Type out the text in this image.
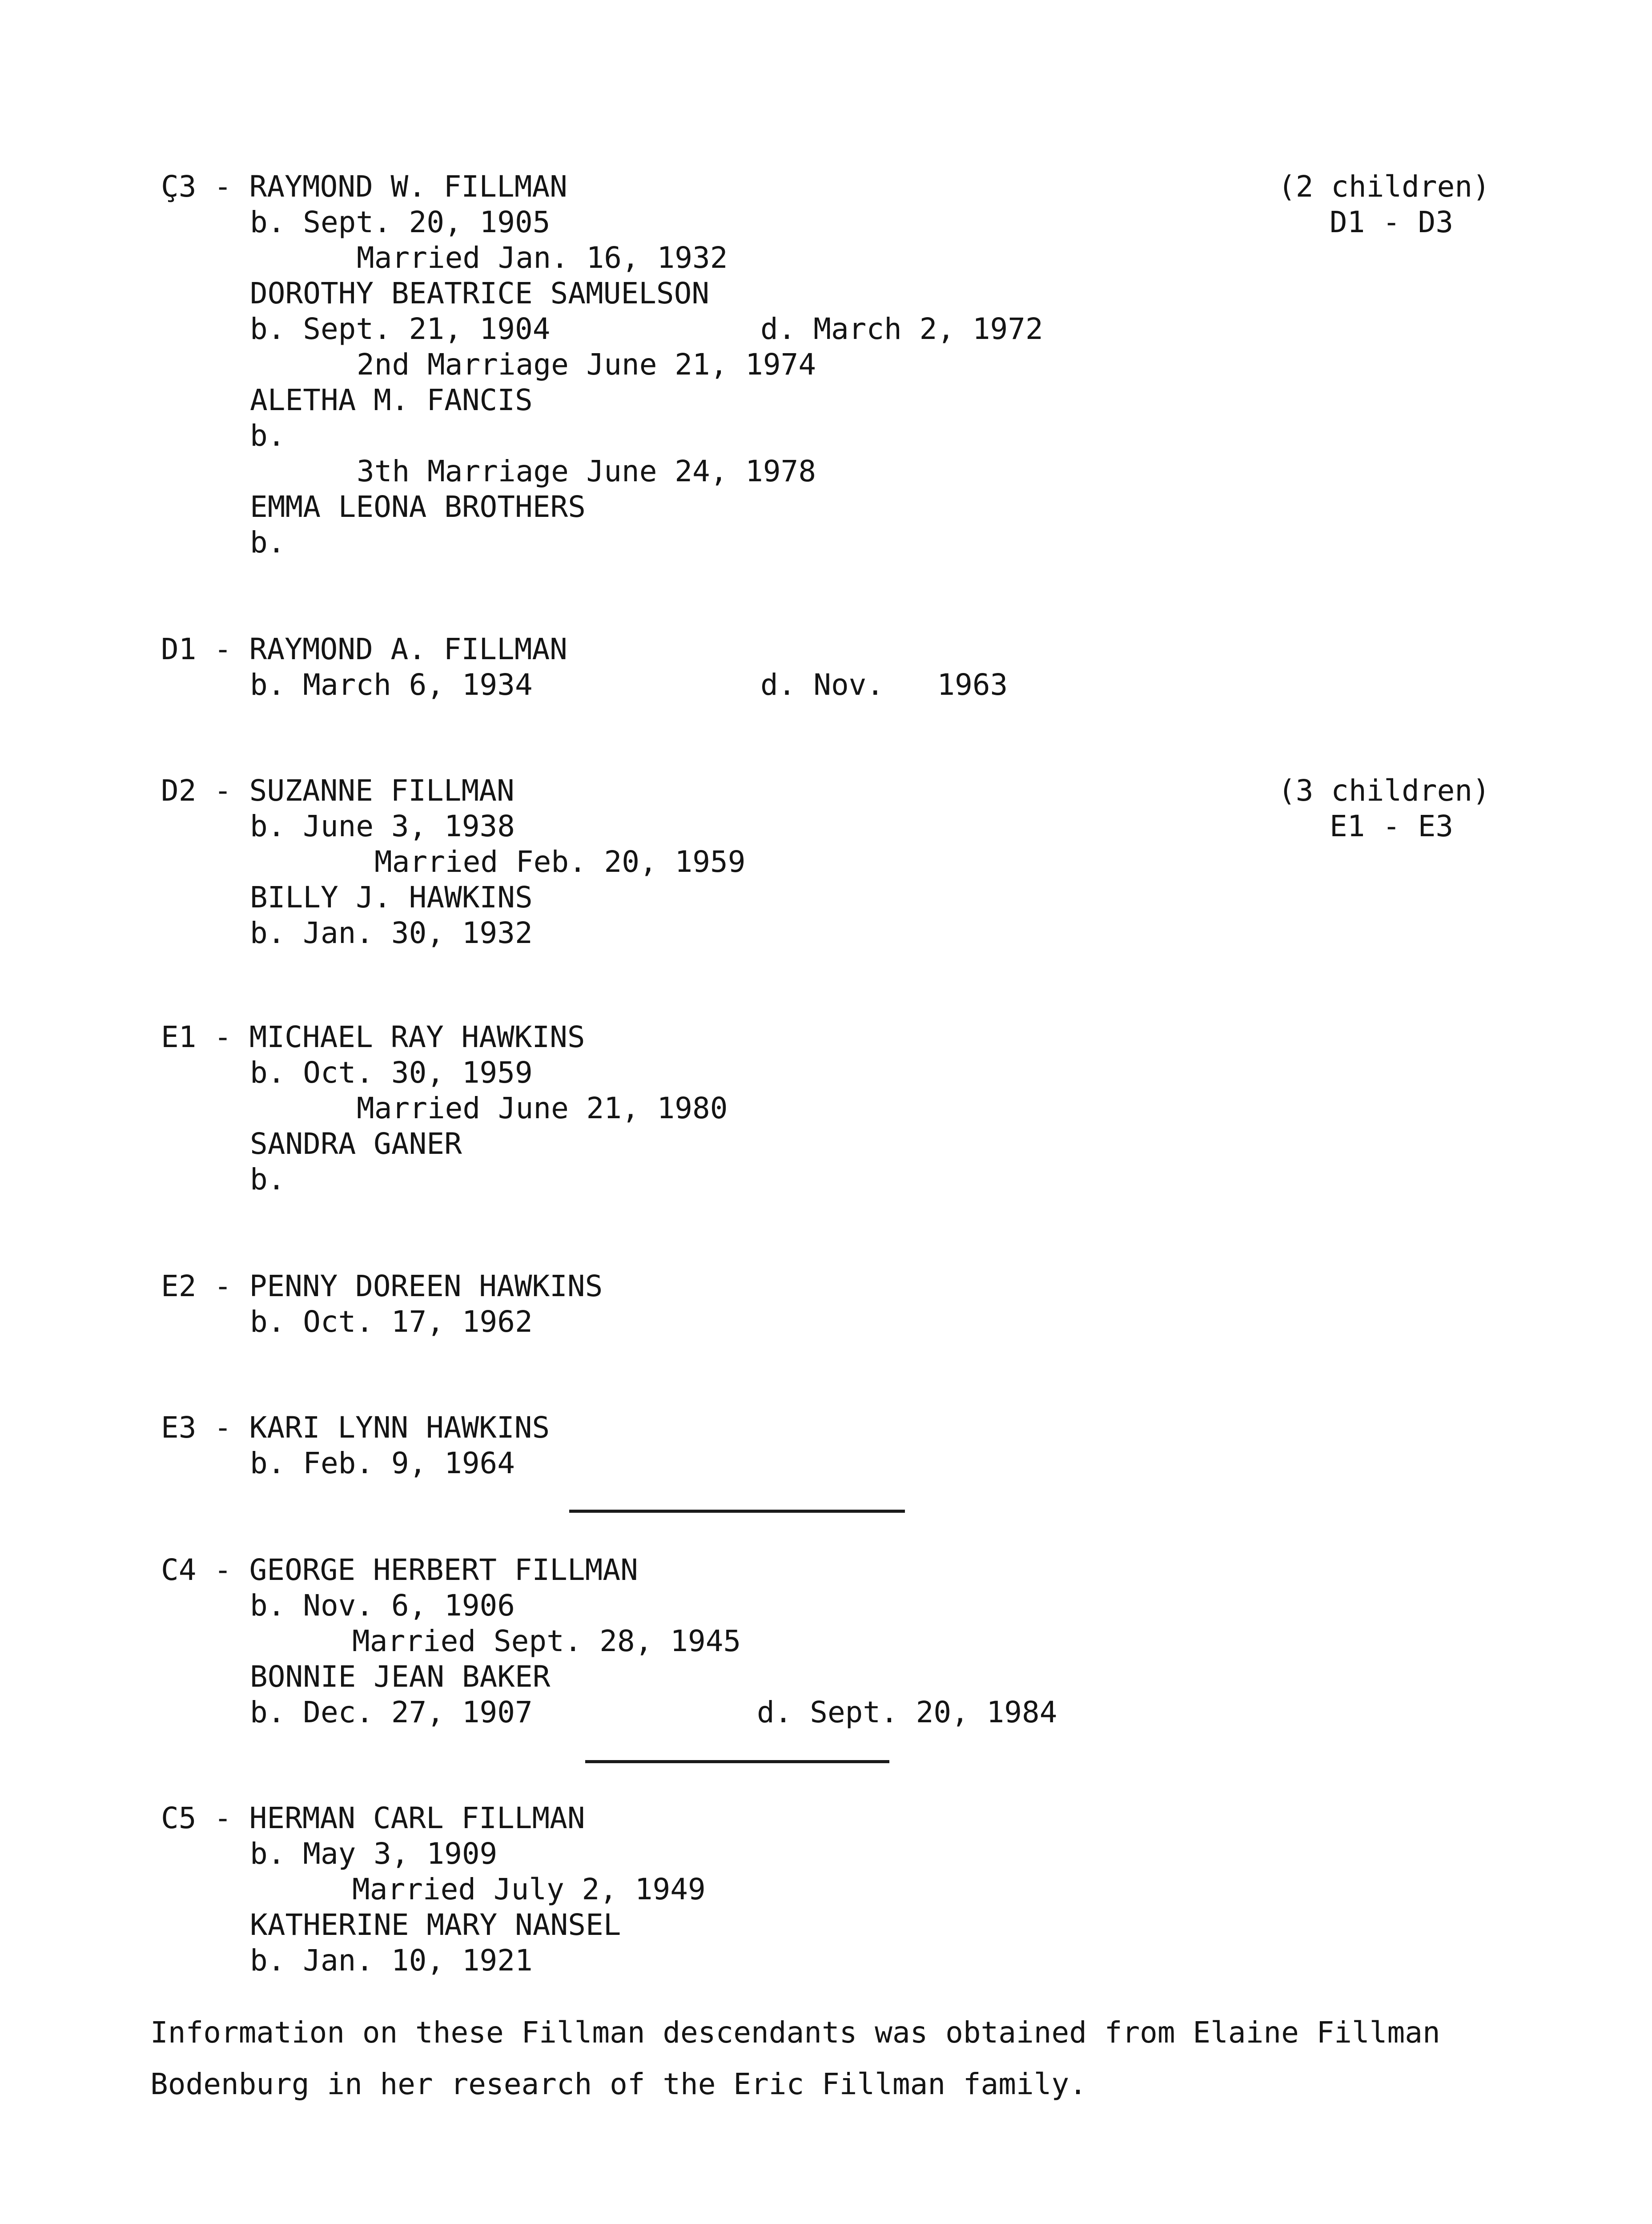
Ç3 - RAYMOND W. FILLMAN
b. Sept. 20, 1905
Married Jan. 16, 1932
DOROTHY BEATRICE SAMUELSON
b. Sept. 21, 1904	d. March 2, 1972
2nd Marriage June 21, 1974
ALETHA M. FANCIS
b.
3th Marriage June 24, 1978
EMMA LEONA BROTHERS
b.
(2 children)
D1 - D3
D1 - RAYMOND A. FILLMAN
b. March 6, 1934	d. Nov.   1963
D2 - SUZANNE FILLMAN
b. June 3, 1938
Married Feb. 20, 1959
BILLY J. HAWKINS
b. Jan. 30, 1932
(3 children)
E1 - E3
E1 - MICHAEL RAY HAWKINS
b. Oct. 30, 1959
Married June 21, 1980
SANDRA GANER
b.
E2 - PENNY DOREEN HAWKINS
b. Oct. 17, 1962
E3 - KARI LYNN HAWKINS
b. Feb. 9, 1964
C4 - GEORGE HERBERT FILLMAN
b. Nov. 6, 1906
Married Sept. 28, 1945
BONNIE JEAN BAKER
b. Dec. 27, 1907	d. Sept. 20, 1984
C5 - HERMAN CARL FILLMAN
b. May 3, 1909
Married July 2, 1949
KATHERINE MARY NANSEL
b. Jan. 10, 1921
Information on these Fillman descendants was obtained from Elaine Fillman Bodenburg in her research of the Eric Fillman family.
